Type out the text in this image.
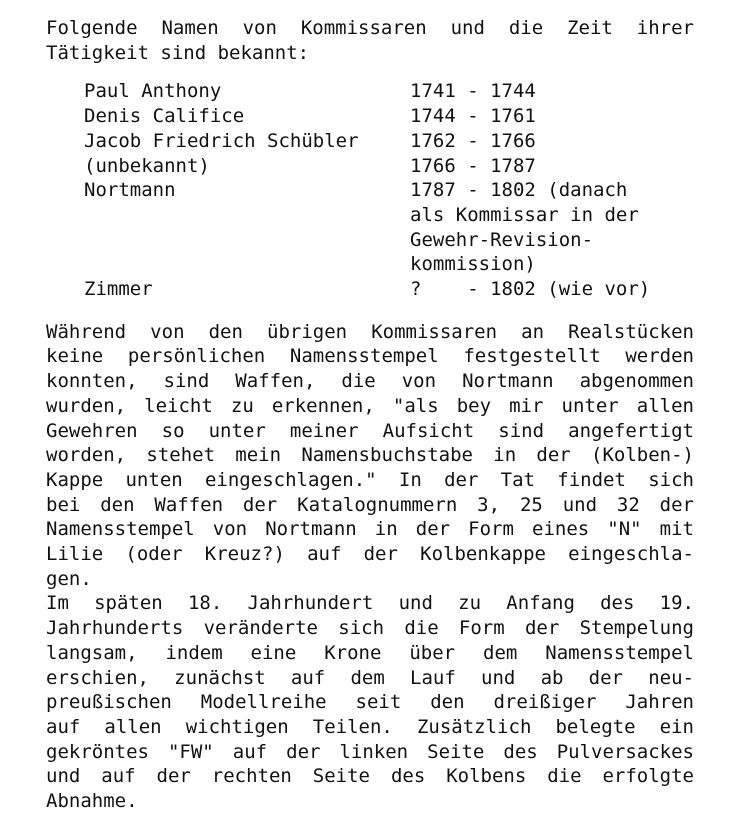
Folgende Namen von Kommissaren und die Zeit ihrer
Tätigkeit sind bekannt:
Paul Anthony	1741 - 1744
Denis Califice	1744 - 1761
Jacob Friedrich Schübler	1762 - 1766
(unbekannt)	1766 - 1787
Nortmann	1787 - 1802 (danach
als Kommissar in der
Gewehr-Revision-
kommission)
Zimmer	?    - 1802 (wie vor)
Während von den übrigen Kommissaren an Realstücken
keine persönlichen Namensstempel festgestellt werden
konnten, sind Waffen, die von Nortmann abgenommen
wurden, leicht zu erkennen, "als bey mir unter allen
Gewehren so unter meiner Aufsicht sind angefertigt
worden, stehet mein Namensbuchstabe in der (Kolben-)
Kappe unten eingeschlagen." In der Tat findet sich
bei den Waffen der Katalognummern 3, 25 und 32 der
Namensstempel von Nortmann in der Form eines "N" mit
Lilie (oder Kreuz?) auf der Kolbenkappe eingeschla-
gen.
Im späten 18. Jahrhundert und zu Anfang des 19.
Jahrhunderts veränderte sich die Form der Stempelung
langsam, indem eine Krone über dem Namensstempel
erschien, zunächst auf dem Lauf und ab der neu-
preußischen Modellreihe seit den dreißiger Jahren
auf allen wichtigen Teilen. Zusätzlich belegte ein
gekröntes "FW" auf der linken Seite des Pulversackes
und auf der rechten Seite des Kolbens die erfolgte
Abnahme.
